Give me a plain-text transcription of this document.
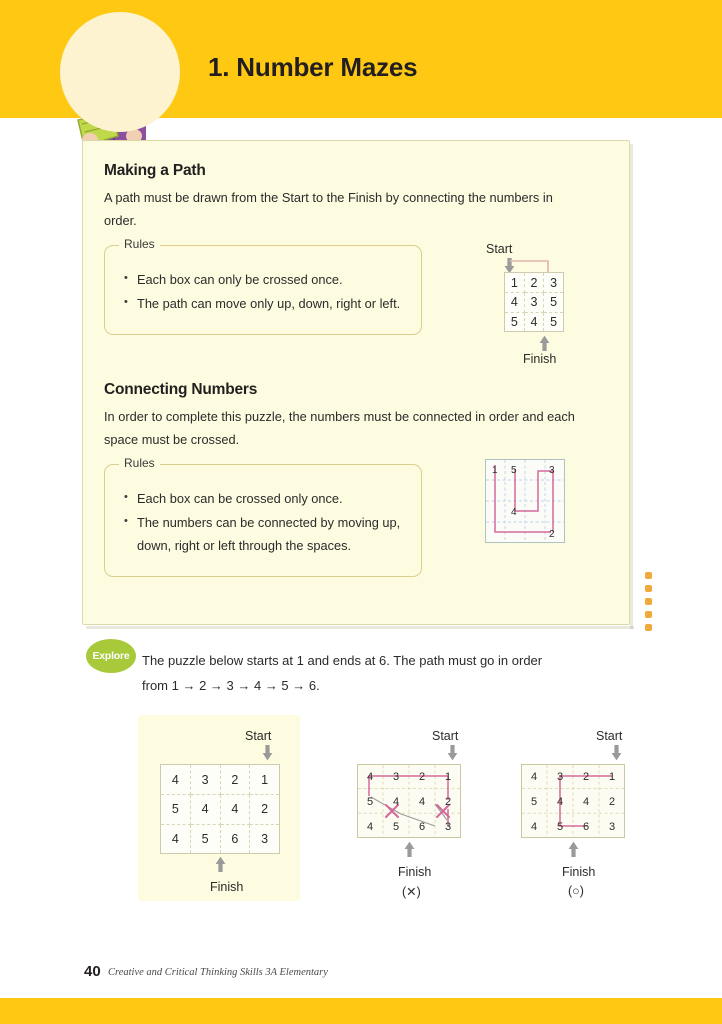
1. Number Mazes
Making a Path
A path must be drawn from the Start to the Finish by connecting the numbers in order.
Rules
• Each box can only be crossed once.
• The path can move only up, down, right or left.
Start
1	2	3
4	3	5
5	4	5
Finish
Connecting Numbers
In order to complete this puzzle, the numbers must be connected in order and each space must be crossed.
Rules
• Each box can be crossed only once.
• The numbers can be connected by moving up, down, right or left through the spaces.
1 5	3
4
2
Explore The puzzle below starts at 1 and ends at 6. The path must go in order
from 1 → 2 → 3 → 4 → 5 → 6.
Start
4	3	2	1
5	4	4	2
4	5	6	3
Finish
Start
4 3 2 1
5 4 4 2
4 5 6 3
Finish
(✕)
Start
4 3 2 1
5 4 4 2
4 5 6 3
Finish
(○)
40 Creative and Critical Thinking Skills 3A Elementary
